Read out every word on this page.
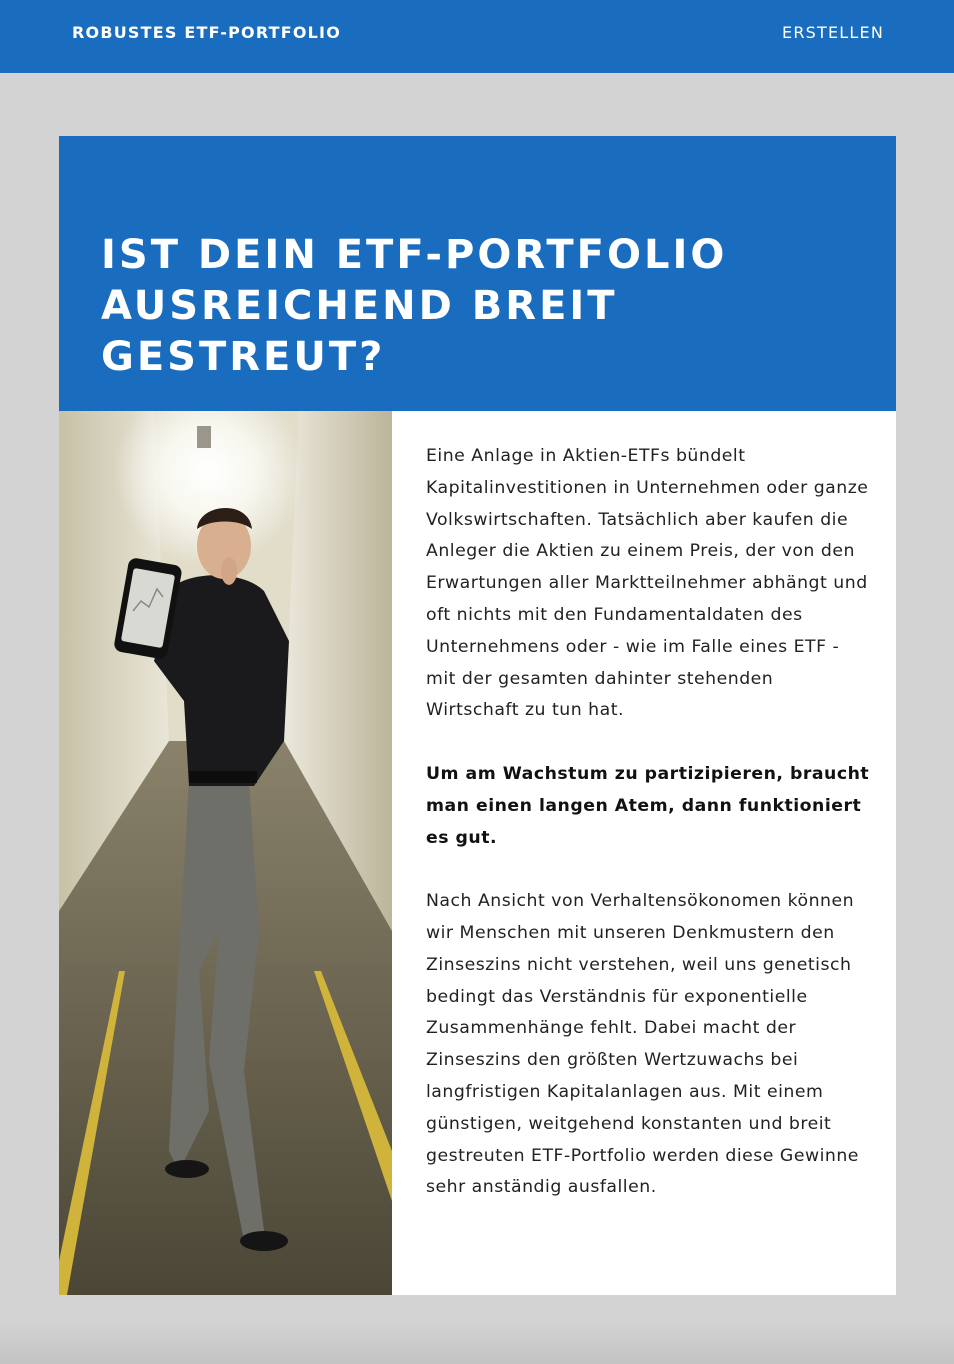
ROBUSTES ETF-PORTFOLIO	ERSTELLEN
IST DEIN ETF-PORTFOLIO
AUSREICHEND BREIT GESTREUT?

Eine Anlage in Aktien-ETFs bündelt Kapitalinvestitionen in Unternehmen oder ganze Volkswirtschaften. Tatsächlich aber kaufen die Anleger die Aktien zu einem Preis, der von den Erwartungen aller Marktteilnehmer abhängt und oft nichts mit den Fundamentaldaten des Unternehmens oder - wie im Falle eines ETF - mit der gesamten dahinter stehenden Wirtschaft zu tun hat.

Um am Wachstum zu partizipieren, braucht man einen langen Atem, dann funktioniert es gut.

Nach Ansicht von Verhaltensökonomen können wir Menschen mit unseren Denkmustern den Zinseszins nicht verstehen, weil uns genetisch bedingt das Verständnis für exponentielle Zusammenhänge fehlt. Dabei macht der Zinseszins den größten Wertzuwachs bei langfristigen Kapitalanlagen aus. Mit einem günstigen, weitgehend konstanten und breit gestreuten ETF-Portfolio werden diese Gewinne sehr anständig ausfallen.
